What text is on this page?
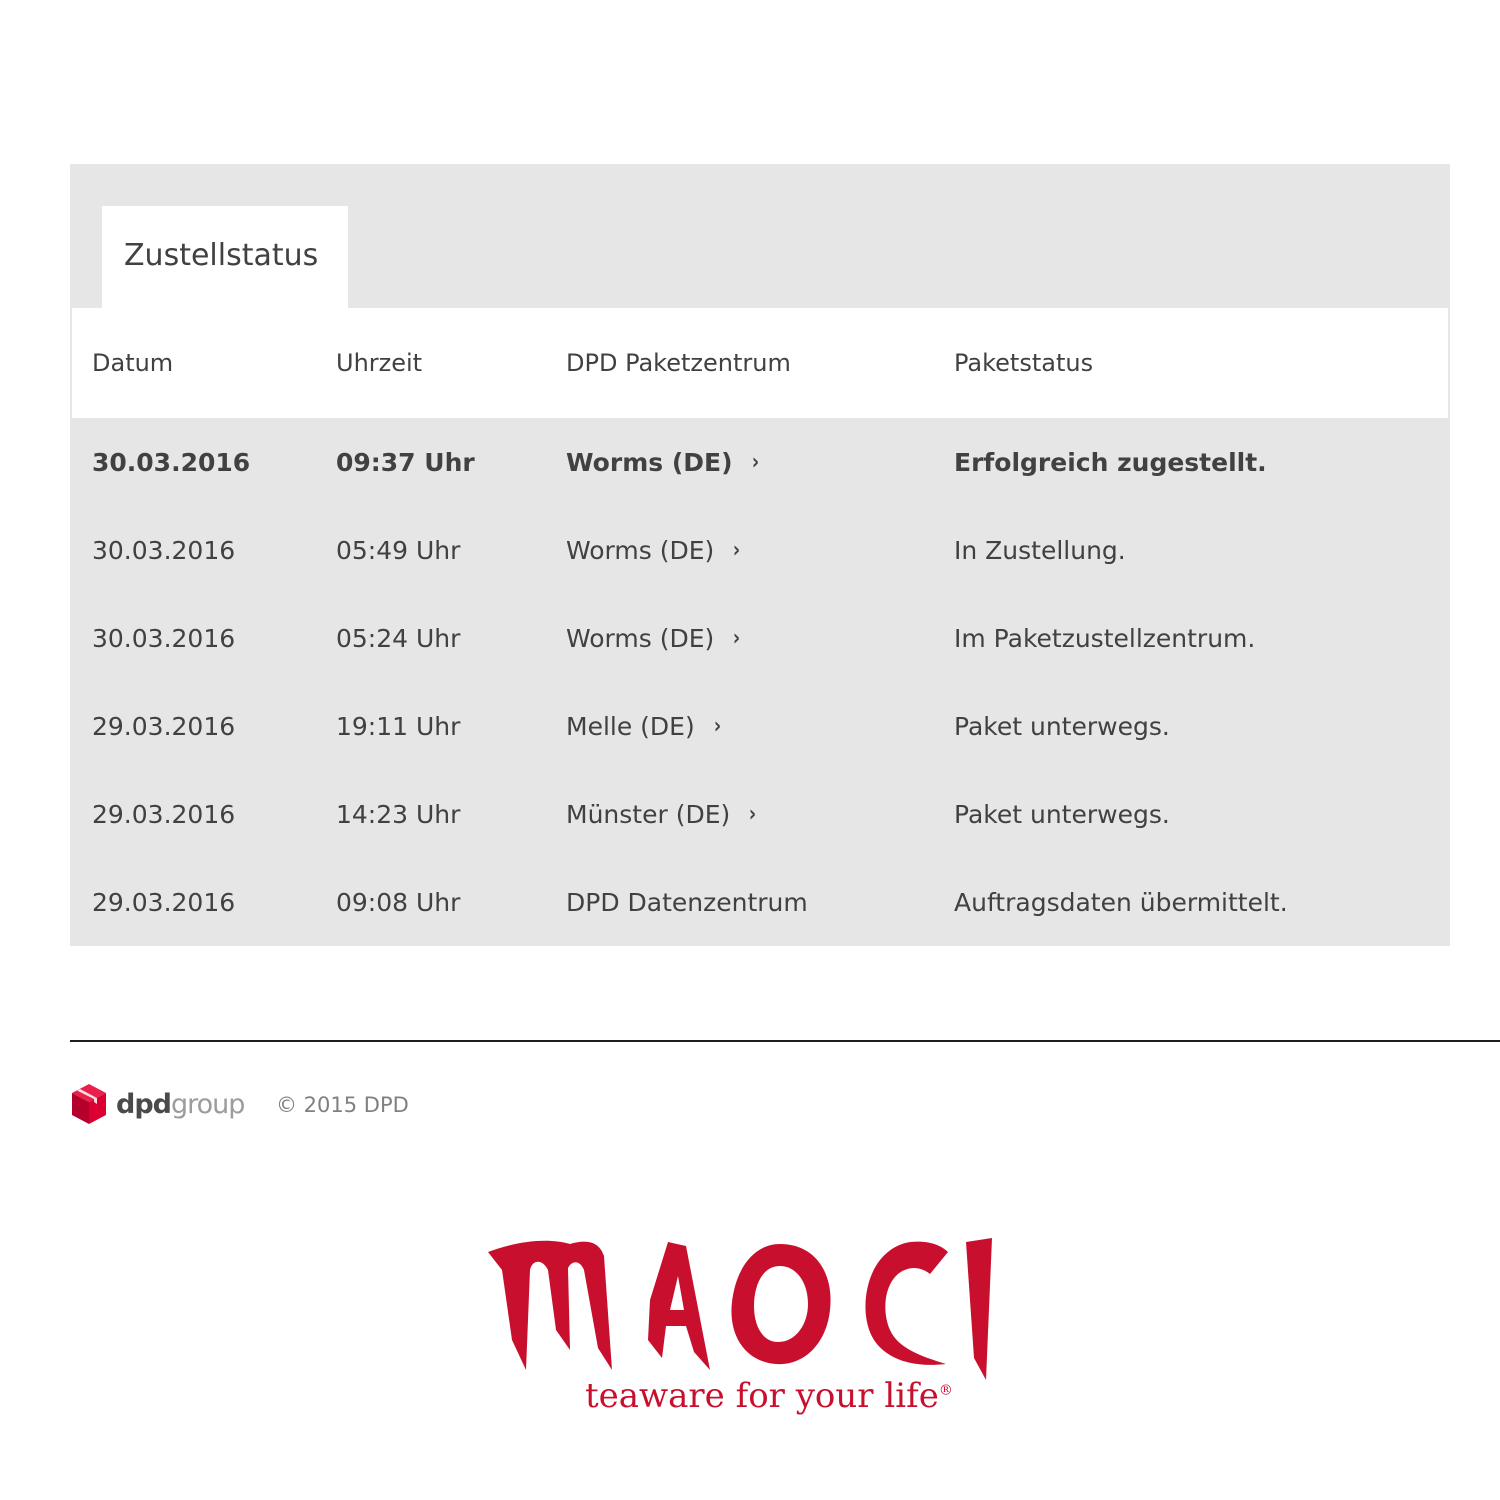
Zustellstatus
Datum	Uhrzeit	DPD Paketzentrum	Paketstatus
30.03.2016	09:37 Uhr	Worms (DE) ›	Erfolgreich zugestellt.
30.03.2016	05:49 Uhr	Worms (DE) ›	In Zustellung.
30.03.2016	05:24 Uhr	Worms (DE) ›	Im Paketzustellzentrum.
29.03.2016	19:11 Uhr	Melle (DE) ›	Paket unterwegs.
29.03.2016	14:23 Uhr	Münster (DE) ›	Paket unterwegs.
29.03.2016	09:08 Uhr	DPD Datenzentrum	Auftragsdaten übermittelt.
dpdgroup © 2015 DPD
MAOCI
teaware for your life®
